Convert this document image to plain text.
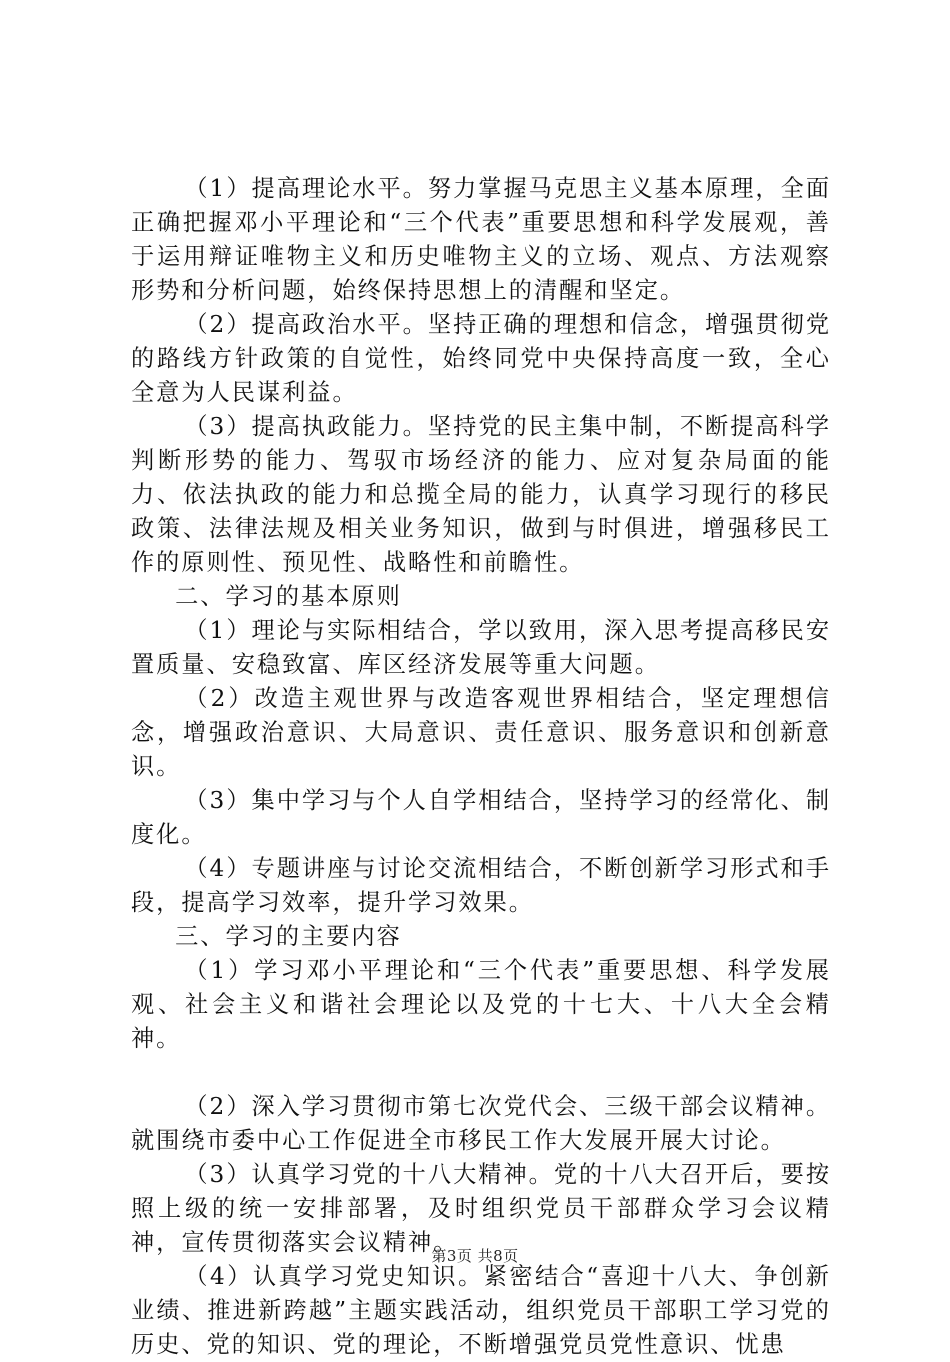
（1）提高理论水平。努力掌握马克思主义基本原理，全面正确把握邓小平理论和“三个代表”重要思想和科学发展观，善于运用辩证唯物主义和历史唯物主义的立场、观点、方法观察形势和分析问题，始终保持思想上的清醒和坚定。

（2）提高政治水平。坚持正确的理想和信念，增强贯彻党的路线方针政策的自觉性，始终同党中央保持高度一致，全心全意为人民谋利益。

（3）提高执政能力。坚持党的民主集中制，不断提高科学判断形势的能力、驾驭市场经济的能力、应对复杂局面的能力、依法执政的能力和总揽全局的能力，认真学习现行的移民政策、法律法规及相关业务知识，做到与时俱进，增强移民工作的原则性、预见性、战略性和前瞻性。

二、学习的基本原则

（1）理论与实际相结合，学以致用，深入思考提高移民安置质量、安稳致富、库区经济发展等重大问题。

（2）改造主观世界与改造客观世界相结合，坚定理想信念，增强政治意识、大局意识、责任意识、服务意识和创新意识。

（3）集中学习与个人自学相结合，坚持学习的经常化、制度化。

（4）专题讲座与讨论交流相结合，不断创新学习形式和手段，提高学习效率，提升学习效果。

三、学习的主要内容

（1）学习邓小平理论和“三个代表”重要思想、科学发展观、社会主义和谐社会理论以及党的十七大、十八大全会精神。

（2）深入学习贯彻市第七次党代会、三级干部会议精神。就围绕市委中心工作促进全市移民工作大发展开展大讨论。

（3）认真学习党的十八大精神。党的十八大召开后，要按照上级的统一安排部署，及时组织党员干部群众学习会议精神，宣传贯彻落实会议精神。

（4）认真学习党史知识。紧密结合“喜迎十八大、争创新业绩、推进新跨越”主题实践活动，组织党员干部职工学习党的历史、党的知识、党的理论，不断增强党员党性意识、忧患

第3页 共8页
